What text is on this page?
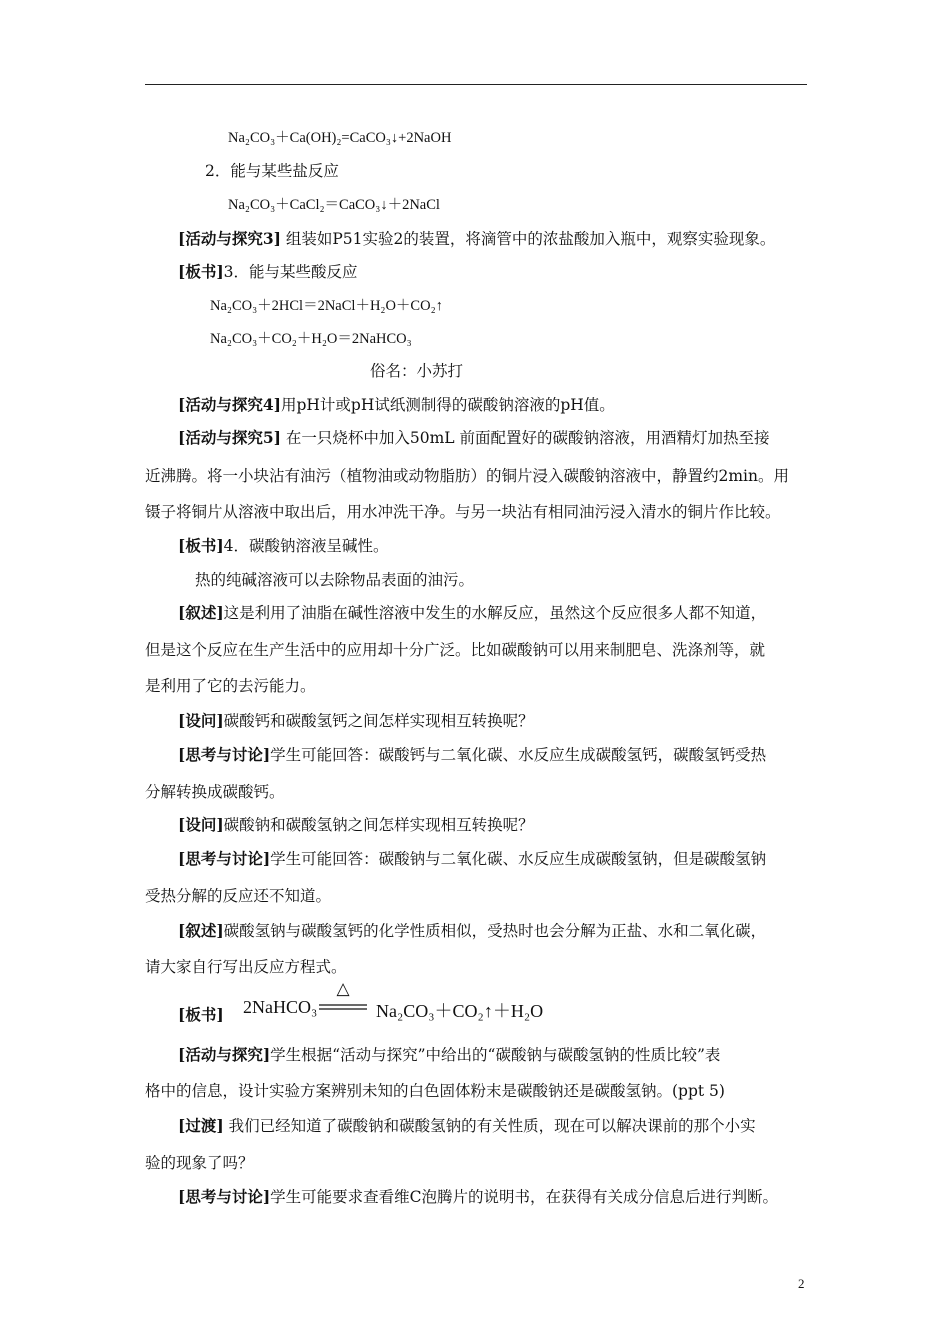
Na₂CO₃＋Ca(OH)₂=CaCO₃↓+2NaOH
2．能与某些盐反应
Na₂CO₃＋CaCl₂＝CaCO₃↓＋2NaCl
[活动与探究3] 组装如P51实验2的装置，将滴管中的浓盐酸加入瓶中，观察实验现象。
[板书]3．能与某些酸反应
Na₂CO₃＋2HCl＝2NaCl＋H₂O＋CO₂↑
Na₂CO₃＋CO₂＋H₂O＝2NaHCO₃
俗名：小苏打
[活动与探究4]用pH计或pH试纸测制得的碳酸钠溶液的pH值。
[活动与探究5] 在一只烧杯中加入50mL 前面配置好的碳酸钠溶液，用酒精灯加热至接
近沸腾。将一小块沾有油污（植物油或动物脂肪）的铜片浸入碳酸钠溶液中，静置约2min。用
镊子将铜片从溶液中取出后，用水冲洗干净。与另一块沾有相同油污浸入清水的铜片作比较。
[板书]4．碳酸钠溶液呈碱性。
热的纯碱溶液可以去除物品表面的油污。
[叙述]这是利用了油脂在碱性溶液中发生的水解反应，虽然这个反应很多人都不知道，
但是这个反应在生产生活中的应用却十分广泛。比如碳酸钠可以用来制肥皂、洗涤剂等，就
是利用了它的去污能力。
[设问]碳酸钙和碳酸氢钙之间怎样实现相互转换呢？
[思考与讨论]学生可能回答：碳酸钙与二氧化碳、水反应生成碳酸氢钙，碳酸氢钙受热
分解转换成碳酸钙。
[设问]碳酸钠和碳酸氢钠之间怎样实现相互转换呢？
[思考与讨论]学生可能回答：碳酸钠与二氧化碳、水反应生成碳酸氢钠，但是碳酸氢钠
受热分解的反应还不知道。
[叙述]碳酸氢钠与碳酸氢钙的化学性质相似，受热时也会分解为正盐、水和二氧化碳，
请大家自行写出反应方程式。
[板书] 2NaHCO₃
△
Na₂CO₃＋CO₂↑＋H₂O
[活动与探究]学生根据“活动与探究”中给出的“碳酸钠与碳酸氢钠的性质比较”表
格中的信息，设计实验方案辨别未知的白色固体粉末是碳酸钠还是碳酸氢钠。(ppt 5)
[过渡] 我们已经知道了碳酸钠和碳酸氢钠的有关性质，现在可以解决课前的那个小实
验的现象了吗？
[思考与讨论]学生可能要求查看维C泡腾片的说明书，在获得有关成分信息后进行判断。
2
